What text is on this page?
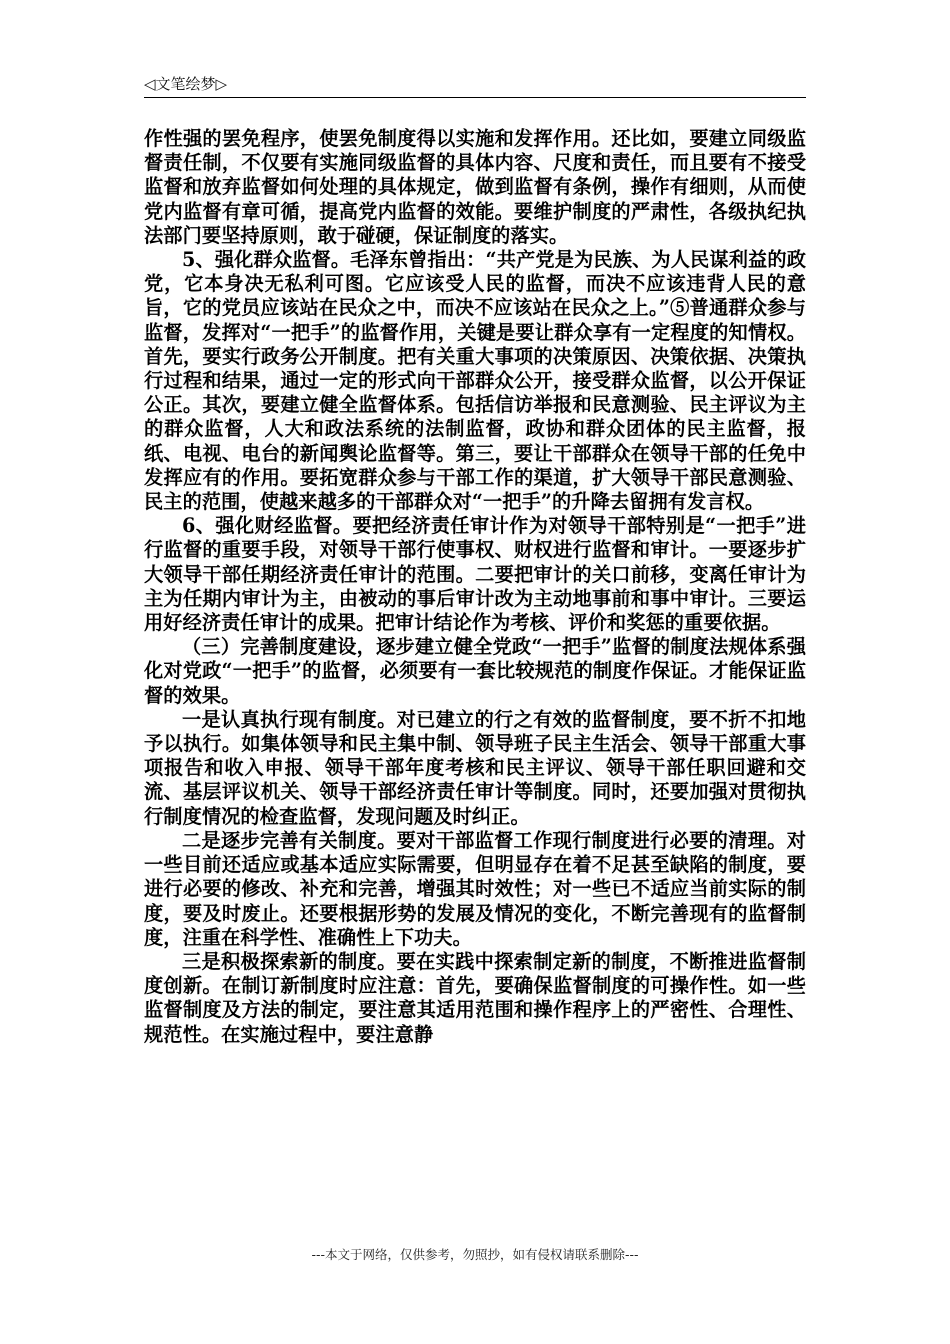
◁文笔绘梦▷

作性强的罢免程序，使罢免制度得以实施和发挥作用。还比如，要建立同级监督责任制，不仅要有实施同级监督的具体内容、尺度和责任，而且要有不接受监督和放弃监督如何处理的具体规定，做到监督有条例，操作有细则，从而使党内监督有章可循，提高党内监督的效能。要维护制度的严肃性，各级执纪执法部门要坚持原则，敢于碰硬，保证制度的落实。

5、强化群众监督。毛泽东曾指出：“共产党是为民族、为人民谋利益的政党，它本身决无私利可图。它应该受人民的监督，而决不应该违背人民的意旨，它的党员应该站在民众之中，而决不应该站在民众之上。”⑤普通群众参与监督，发挥对“一把手”的监督作用，关键是要让群众享有一定程度的知情权。首先，要实行政务公开制度。把有关重大事项的决策原因、决策依据、决策执行过程和结果，通过一定的形式向干部群众公开，接受群众监督，以公开保证公正。其次，要建立健全监督体系。包括信访举报和民意测验、民主评议为主的群众监督，人大和政法系统的法制监督，政协和群众团体的民主监督，报纸、电视、电台的新闻舆论监督等。第三，要让干部群众在领导干部的任免中发挥应有的作用。要拓宽群众参与干部工作的渠道，扩大领导干部民意测验、民主的范围，使越来越多的干部群众对“一把手”的升降去留拥有发言权。

6、强化财经监督。要把经济责任审计作为对领导干部特别是“一把手”进行监督的重要手段，对领导干部行使事权、财权进行监督和审计。一要逐步扩大领导干部任期经济责任审计的范围。二要把审计的关口前移，变离任审计为主为任期内审计为主，由被动的事后审计改为主动地事前和事中审计。三要运用好经济责任审计的成果。把审计结论作为考核、评价和奖惩的重要依据。

（三）完善制度建设，逐步建立健全党政“一把手”监督的制度法规体系强化对党政“一把手”的监督，必须要有一套比较规范的制度作保证。才能保证监督的效果。

一是认真执行现有制度。对已建立的行之有效的监督制度，要不折不扣地予以执行。如集体领导和民主集中制、领导班子民主生活会、领导干部重大事项报告和收入申报、领导干部年度考核和民主评议、领导干部任职回避和交流、基层评议机关、领导干部经济责任审计等制度。同时，还要加强对贯彻执行制度情况的检查监督，发现问题及时纠正。

二是逐步完善有关制度。要对干部监督工作现行制度进行必要的清理。对一些目前还适应或基本适应实际需要，但明显存在着不足甚至缺陷的制度，要进行必要的修改、补充和完善，增强其时效性；对一些已不适应当前实际的制度，要及时废止。还要根据形势的发展及情况的变化，不断完善现有的监督制度，注重在科学性、准确性上下功夫。

三是积极探索新的制度。要在实践中探索制定新的制度，不断推进监督制度创新。在制订新制度时应注意：首先，要确保监督制度的可操作性。如一些监督制度及方法的制定，要注意其适用范围和操作程序上的严密性、合理性、规范性。在实施过程中，要注意静

---本文于网络，仅供参考，勿照抄，如有侵权请联系删除---
